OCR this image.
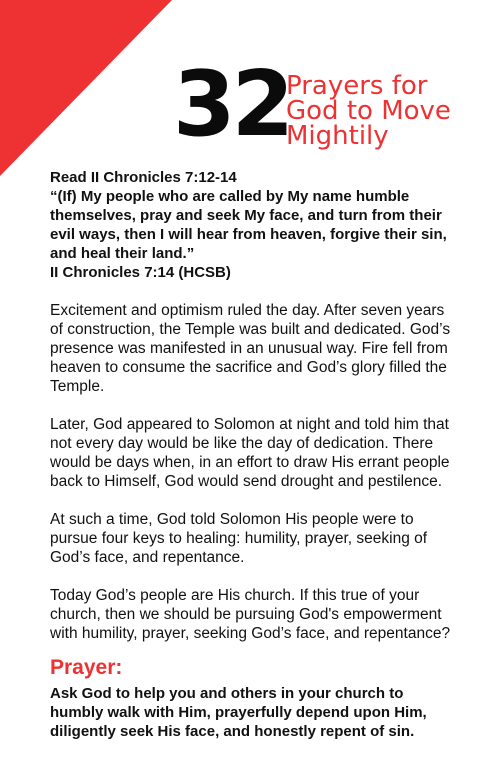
32
Prayers for
God to Move
Mightily
Read II Chronicles 7:12-14
“(If) My people who are called by My name humble themselves, pray and seek My face, and turn from their evil ways, then I will hear from heaven, forgive their sin, and heal their land.”
II Chronicles 7:14 (HCSB)

Excitement and optimism ruled the day. After seven years of construction, the Temple was built and dedicated. God’s presence was manifested in an unusual way. Fire fell from heaven to consume the sacrifice and God’s glory filled the Temple.

Later, God appeared to Solomon at night and told him that not every day would be like the day of dedication. There would be days when, in an effort to draw His errant people back to Himself, God would send drought and pestilence.

At such a time, God told Solomon His people were to pursue four keys to healing: humility, prayer, seeking of God’s face, and repentance.

Today God’s people are His church. If this true of your church, then we should be pursuing God's empowerment with humility, prayer, seeking God’s face, and repentance?

Prayer:

Ask God to help you and others in your church to humbly walk with Him, prayerfully depend upon Him, diligently seek His face, and honestly repent of sin.
